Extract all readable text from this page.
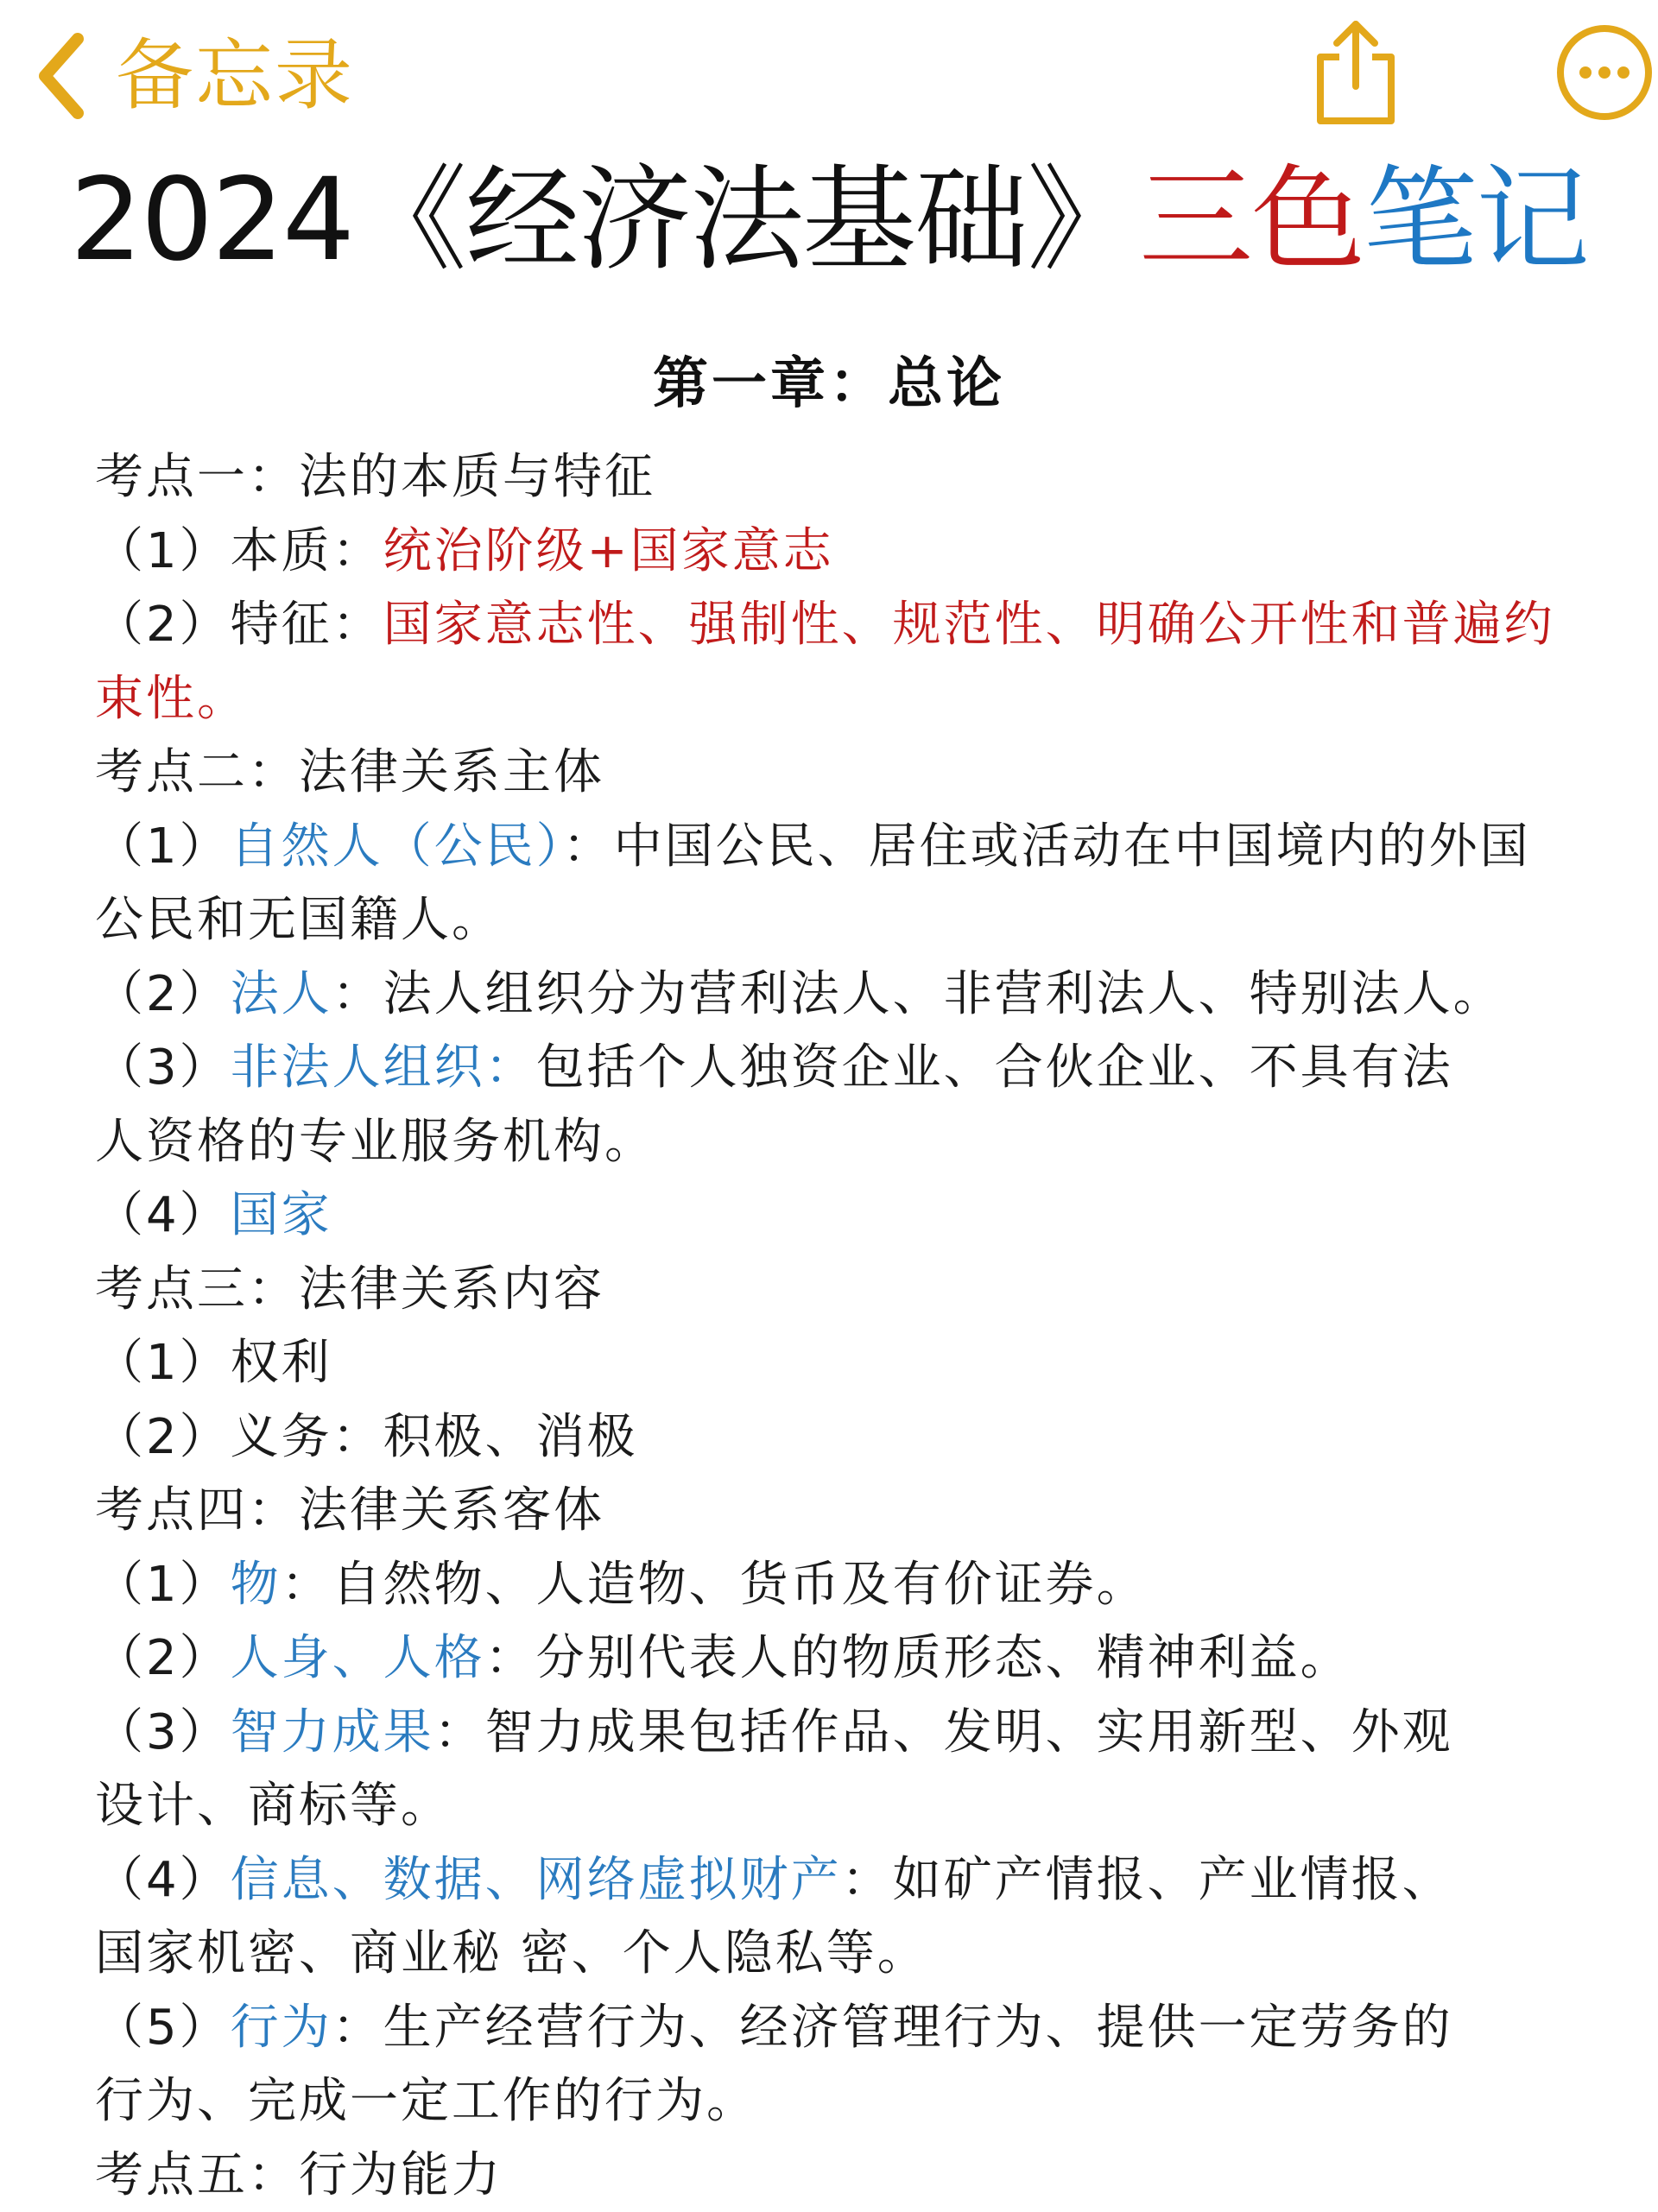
备忘录
2024《经济法基础》三色笔记
第一章：总论
考点一：法的本质与特征
（1）本质：统治阶级+国家意志
（2）特征：国家意志性、强制性、规范性、明确公开性和普遍约
束性。
考点二：法律关系主体
（1）自然人（公民）：中国公民、居住或活动在中国境内的外国
公民和无国籍人。
（2）法人：法人组织分为营利法人、非营利法人、特别法人。
（3）非法人组织：包括个人独资企业、合伙企业、不具有法
人资格的专业服务机构。
（4）国家
考点三：法律关系内容
（1）权利
（2）义务：积极、消极
考点四：法律关系客体
（1）物：自然物、人造物、货币及有价证券。
（2）人身、人格：分别代表人的物质形态、精神利益。
（3）智力成果：智力成果包括作品、发明、实用新型、外观
设计、商标等。
（4）信息、数据、网络虚拟财产：如矿产情报、产业情报、
国家机密、商业秘 密、个人隐私等。
（5）行为：生产经营行为、经济管理行为、提供一定劳务的
行为、完成一定工作的行为。
考点五：行为能力
